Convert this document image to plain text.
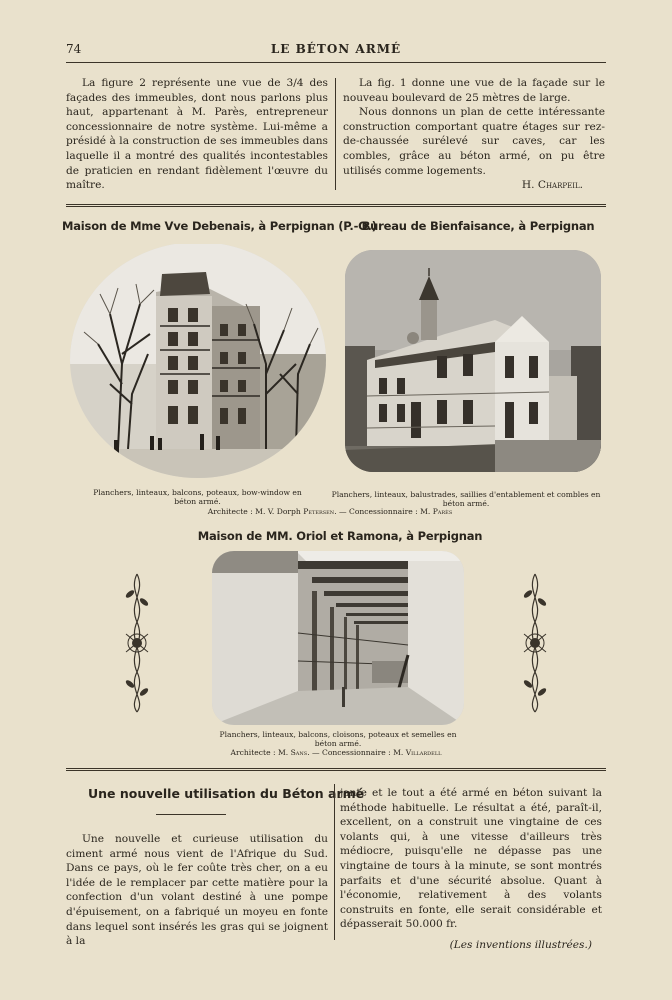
74	LE BÉTON ARMÉ

La figure 2 représente une vue de 3/4 des façades des immeubles, dont nous parlons plus haut, appartenant à M. Parès, entrepreneur concessionnaire de notre système. Lui-même a présidé à la construction de ses immeubles dans laquelle il a montré des qualités incontestables de praticien en rendant fidèlement l'œuvre du maître.

La fig. 1 donne une vue de la façade sur le nouveau boulevard de 25 mètres de large.

Nous donnons un plan de cette intéressante construction comportant quatre étages sur rez-de-chaussée surélevé sur caves, car les combles, grâce au béton armé, on pu être utilisés comme logements.

H. Charpeil.

Maison de Mme Vve Debenais, à Perpignan (P.-O.)
Bureau de Bienfaisance, à Perpignan
Planchers, linteaux, balcons, poteaux, bow-window en béton armé.
Planchers, linteaux, balustrades, saillies d'entablement et combles en béton armé.
Architecte : M. V. Dorph Petersen. — Concessionnaire : M. Parès
Maison de MM. Oriol et Ramona, à Perpignan
Planchers, linteaux, balcons, cloisons, poteaux et semelles en béton armé.
Architecte : M. Sans. — Concessionnaire : M. Villardell
Une nouvelle utilisation du Béton armé

Une nouvelle et curieuse utilisation du ciment armé nous vient de l'Afrique du Sud. Dans ce pays, où le fer coûte très cher, on a eu l'idée de le remplacer par cette matière pour la confection d'un volant destiné à une pompe d'épuisement, on a fabriqué un moyeu en fonte dans lequel sont insérés les gras qui se joignent à la

jante et le tout a été armé en béton suivant la méthode habituelle. Le résultat a été, paraît-il, excellent, on a construit une vingtaine de ces volants qui, à une vitesse d'ailleurs très médiocre, puisqu'elle ne dépasse pas une vingtaine de tours à la minute, se sont montrés parfaits et d'une sécurité absolue. Quant à l'économie, relativement à des volants construits en fonte, elle serait considérable et dépasserait 50.000 fr.

(Les inventions illustrées.)
